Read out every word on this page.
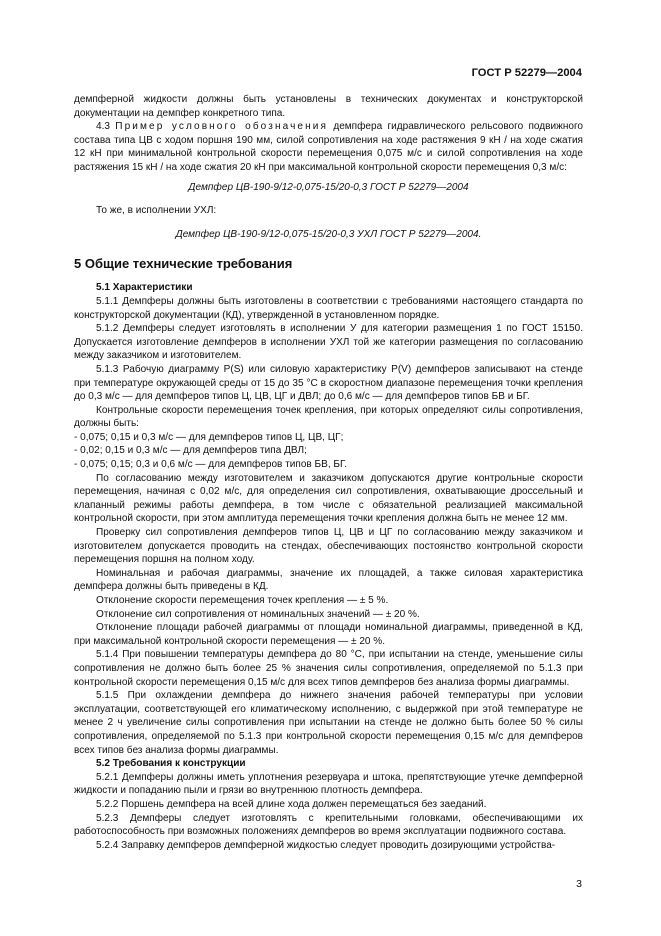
ГОСТ Р 52279—2004

демпферной жидкости должны быть установлены в технических документах и конструкторской документации на демпфер конкретного типа.

4.3 Пример условного обозначения демпфера гидравлического рельсового подвижного состава типа ЦВ с ходом поршня 190 мм, силой сопротивления на ходе растяжения 9 кН / на ходе сжатия 12 кН при минимальной контрольной скорости перемещения 0,075 м/с и силой сопротивления на ходе растяжения 15 кН / на ходе сжатия 20 кН при максимальной контрольной скорости перемещения 0,3 м/с:

Демпфер ЦВ-190-9/12-0,075-15/20-0,3 ГОСТ Р 52279—2004

То же, в исполнении УХЛ:

Демпфер ЦВ-190-9/12-0,075-15/20-0,3 УХЛ ГОСТ Р 52279—2004.

5 Общие технические требования

5.1 Характеристики

5.1.1 Демпферы должны быть изготовлены в соответствии с требованиями настоящего стандарта по конструкторской документации (КД), утвержденной в установленном порядке.

5.1.2 Демпферы следует изготовлять в исполнении У для категории размещения 1 по ГОСТ 15150. Допускается изготовление демпферов в исполнении УХЛ той же категории размещения по согласованию между заказчиком и изготовителем.

5.1.3 Рабочую диаграмму P(S) или силовую характеристику P(V) демпферов записывают на стенде при температуре окружающей среды от 15 до 35 °С в скоростном диапазоне перемещения точки крепления до 0,3 м/с — для демпферов типов Ц, ЦВ, ЦГ и ДВЛ; до 0,6 м/с — для демпферов типов БВ и БГ.

Контрольные скорости перемещения точек крепления, при которых определяют силы сопротивления, должны быть:

- 0,075; 0,15 и 0,3 м/с — для демпферов типов Ц, ЦВ, ЦГ;

- 0,02; 0,15 и 0,3 м/с — для демпферов типа ДВЛ;

- 0,075; 0,15; 0,3 и 0,6 м/с — для демпферов типов БВ, БГ.

По согласованию между изготовителем и заказчиком допускаются другие контрольные скорости перемещения, начиная с 0,02 м/с, для определения сил сопротивления, охватывающие дроссельный и клапанный режимы работы демпфера, в том числе с обязательной реализацией максимальной контрольной скорости, при этом амплитуда перемещения точки крепления должна быть не менее 12 мм.

Проверку сил сопротивления демпферов типов Ц, ЦВ и ЦГ по согласованию между заказчиком и изготовителем допускается проводить на стендах, обеспечивающих постоянство контрольной скорости перемещения поршня на полном ходу.

Номинальная и рабочая диаграммы, значение их площадей, а также силовая характеристика демпфера должны быть приведены в КД.

Отклонение скорости перемещения точек крепления — ± 5 %.

Отклонение сил сопротивления от номинальных значений — ± 20 %.

Отклонение площади рабочей диаграммы от площади номинальной диаграммы, приведенной в КД, при максимальной контрольной скорости перемещения — ± 20 %.

5.1.4 При повышении температуры демпфера до 80 °С, при испытании на стенде, уменьшение силы сопротивления не должно быть более 25 % значения силы сопротивления, определяемой по 5.1.3 при контрольной скорости перемещения 0,15 м/с для всех типов демпферов без анализа формы диаграммы.

5.1.5 При охлаждении демпфера до нижнего значения рабочей температуры при условии эксплуатации, соответствующей его климатическому исполнению, с выдержкой при этой температуре не менее 2 ч увеличение силы сопротивления при испытании на стенде не должно быть более 50 % силы сопротивления, определяемой по 5.1.3 при контрольной скорости перемещения 0,15 м/с для демпферов всех типов без анализа формы диаграммы.

5.2 Требования к конструкции

5.2.1 Демпферы должны иметь уплотнения резервуара и штока, препятствующие утечке демпферной жидкости и попаданию пыли и грязи во внутреннюю плотность демпфера.

5.2.2 Поршень демпфера на всей длине хода должен перемещаться без заеданий.

5.2.3 Демпферы следует изготовлять с крепительными головками, обеспечивающими их работоспособность при возможных положениях демпферов во время эксплуатации подвижного состава.

5.2.4 Заправку демпферов демпферной жидкостью следует проводить дозирующими устройства-

3
